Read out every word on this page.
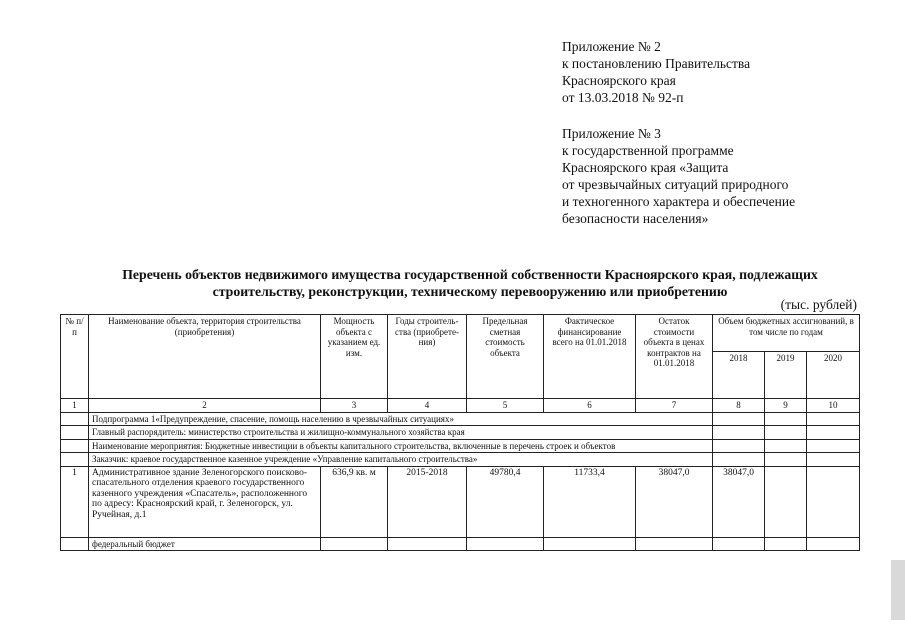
Приложение № 2
к постановлению Правительства
Красноярского края
от 13.03.2018 № 92-п
Приложение № 3
к государственной программе
Красноярского края «Защита
от чрезвычайных ситуаций природного
и техногенного характера и обеспечение
безопасности населения»
Перечень объектов недвижимого имущества государственной собственности Красноярского края, подлежащих
строительству, реконструкции, техническому перевооружению или приобретению
(тыс. рублей)
№ п/п	Наименование объекта, территория строительства (приобретения)	Мощность объекта с указанием ед. изм.	Годы строитель-ства (приобрете-ния)	Предельная сметная стоимость объекта	Фактическое финансирование всего на 01.01.2018	Остаток стоимости объекта в ценах контрактов на 01.01.2018	Объем бюджетных ассигнований, в том числе по годам		
							2018	2019	2020
1	2	3	4	5	6	7	8	9	10
	Подпрограмма 1«Предупреждение, спасение, помощь населению в чрезвычайных ситуациях»								
	Главный распорядитель: министерство строительства и жилищно-коммунального хозяйства края								
	Наименование мероприятия: Бюджетные инвестиции в объекты капитального строительства, включенные в перечень строек и объектов								
	Заказчик: краевое государственное казенное учреждение «Управление капитального строительства»								
1	Административное здание Зеленогорского поисково-спасательного отделения краевого государственного казенного учреждения «Спасатель», расположенного по адресу: Красноярский край, г. Зеленогорск, ул. Ручейная, д.1	636,9 кв. м	2015-2018	49780,4	11733,4	38047,0	38047,0		
	федеральный бюджет								
